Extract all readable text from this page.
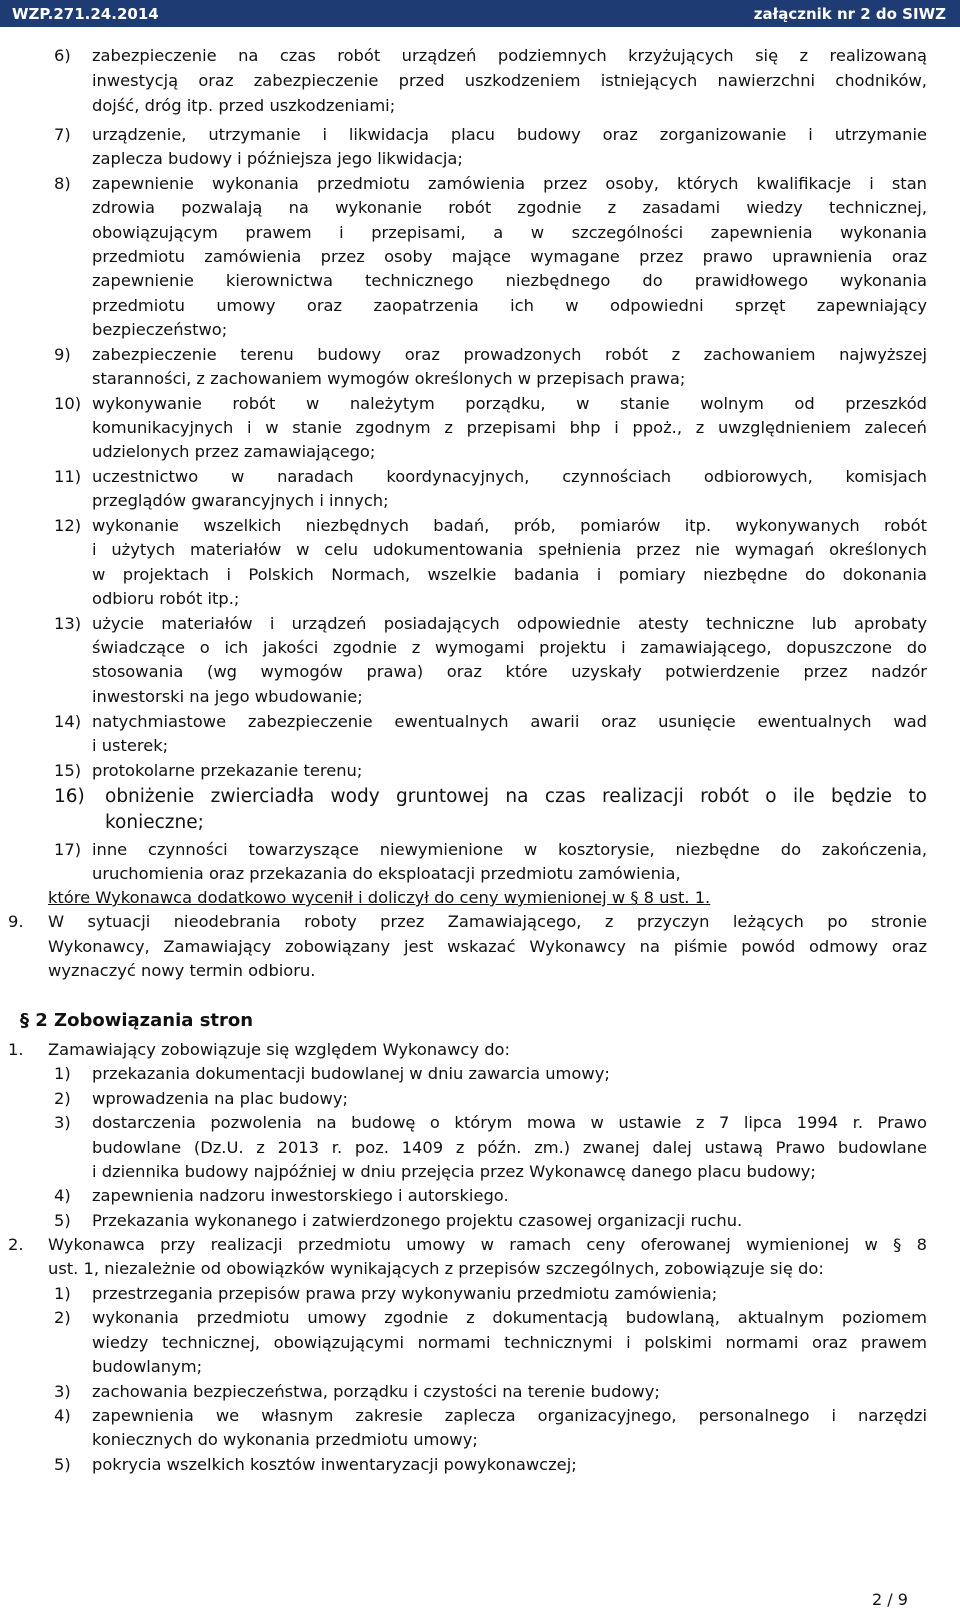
WZP.271.24.2014	załącznik nr 2 do SIWZ
6) zabezpieczenie na czas robót urządzeń podziemnych krzyżujących się z realizowaną
inwestycją oraz zabezpieczenie przed uszkodzeniem istniejących nawierzchni chodników,
dojść, dróg itp. przed uszkodzeniami;
7) urządzenie, utrzymanie i likwidacja placu budowy oraz zorganizowanie i utrzymanie
zaplecza budowy i późniejsza jego likwidacja;
8) zapewnienie wykonania przedmiotu zamówienia przez osoby, których kwalifikacje i stan
zdrowia pozwalają na wykonanie robót zgodnie z zasadami wiedzy technicznej,
obowiązującym prawem i przepisami, a w szczególności zapewnienia wykonania
przedmiotu zamówienia przez osoby mające wymagane przez prawo uprawnienia oraz
zapewnienie kierownictwa technicznego niezbędnego do prawidłowego wykonania
przedmiotu umowy oraz zaopatrzenia ich w odpowiedni sprzęt zapewniający
bezpieczeństwo;
9) zabezpieczenie terenu budowy oraz prowadzonych robót z zachowaniem najwyższej
staranności, z zachowaniem wymogów określonych w przepisach prawa;
10) wykonywanie robót w należytym porządku, w stanie wolnym od przeszkód
komunikacyjnych i w stanie zgodnym z przepisami bhp i ppoż., z uwzględnieniem zaleceń
udzielonych przez zamawiającego;
11) uczestnictwo w naradach koordynacyjnych, czynnościach odbiorowych, komisjach
przeglądów gwarancyjnych i innych;
12) wykonanie wszelkich niezbędnych badań, prób, pomiarów itp. wykonywanych robót
i użytych materiałów w celu udokumentowania spełnienia przez nie wymagań określonych
w projektach i Polskich Normach, wszelkie badania i pomiary niezbędne do dokonania
odbioru robót itp.;
13) użycie materiałów i urządzeń posiadających odpowiednie atesty techniczne lub aprobaty
świadczące o ich jakości zgodnie z wymogami projektu i zamawiającego, dopuszczone do
stosowania (wg wymogów prawa) oraz które uzyskały potwierdzenie przez nadzór
inwestorski na jego wbudowanie;
14) natychmiastowe zabezpieczenie ewentualnych awarii oraz usunięcie ewentualnych wad
i usterek;
15) protokolarne przekazanie terenu;
16) obniżenie zwierciadła wody gruntowej na czas realizacji robót o ile będzie to
konieczne;
17) inne czynności towarzyszące niewymienione w kosztorysie, niezbędne do zakończenia,
uruchomienia oraz przekazania do eksploatacji przedmiotu zamówienia,
które Wykonawca dodatkowo wycenił i doliczył do ceny wymienionej w § 8 ust. 1.
9. W sytuacji nieodebrania roboty przez Zamawiającego, z przyczyn leżących po stronie
Wykonawcy, Zamawiający zobowiązany jest wskazać Wykonawcy na piśmie powód odmowy oraz
wyznaczyć nowy termin odbioru.
§ 2 Zobowiązania stron
1. Zamawiający zobowiązuje się względem Wykonawcy do:
1) przekazania dokumentacji budowlanej w dniu zawarcia umowy;
2) wprowadzenia na plac budowy;
3) dostarczenia pozwolenia na budowę o którym mowa w ustawie z 7 lipca 1994 r. Prawo
budowlane (Dz.U. z 2013 r. poz. 1409 z późn. zm.) zwanej dalej ustawą Prawo budowlane
i dziennika budowy najpóźniej w dniu przejęcia przez Wykonawcę danego placu budowy;
4) zapewnienia nadzoru inwestorskiego i autorskiego.
5) Przekazania wykonanego i zatwierdzonego projektu czasowej organizacji ruchu.
2. Wykonawca przy realizacji przedmiotu umowy w ramach ceny oferowanej wymienionej w § 8
ust. 1, niezależnie od obowiązków wynikających z przepisów szczególnych, zobowiązuje się do:
1) przestrzegania przepisów prawa przy wykonywaniu przedmiotu zamówienia;
2) wykonania przedmiotu umowy zgodnie z dokumentacją budowlaną, aktualnym poziomem
wiedzy technicznej, obowiązującymi normami technicznymi i polskimi normami oraz prawem
budowlanym;
3) zachowania bezpieczeństwa, porządku i czystości na terenie budowy;
4) zapewnienia we własnym zakresie zaplecza organizacyjnego, personalnego i narzędzi
koniecznych do wykonania przedmiotu umowy;
5) pokrycia wszelkich kosztów inwentaryzacji powykonawczej;
2 / 9
